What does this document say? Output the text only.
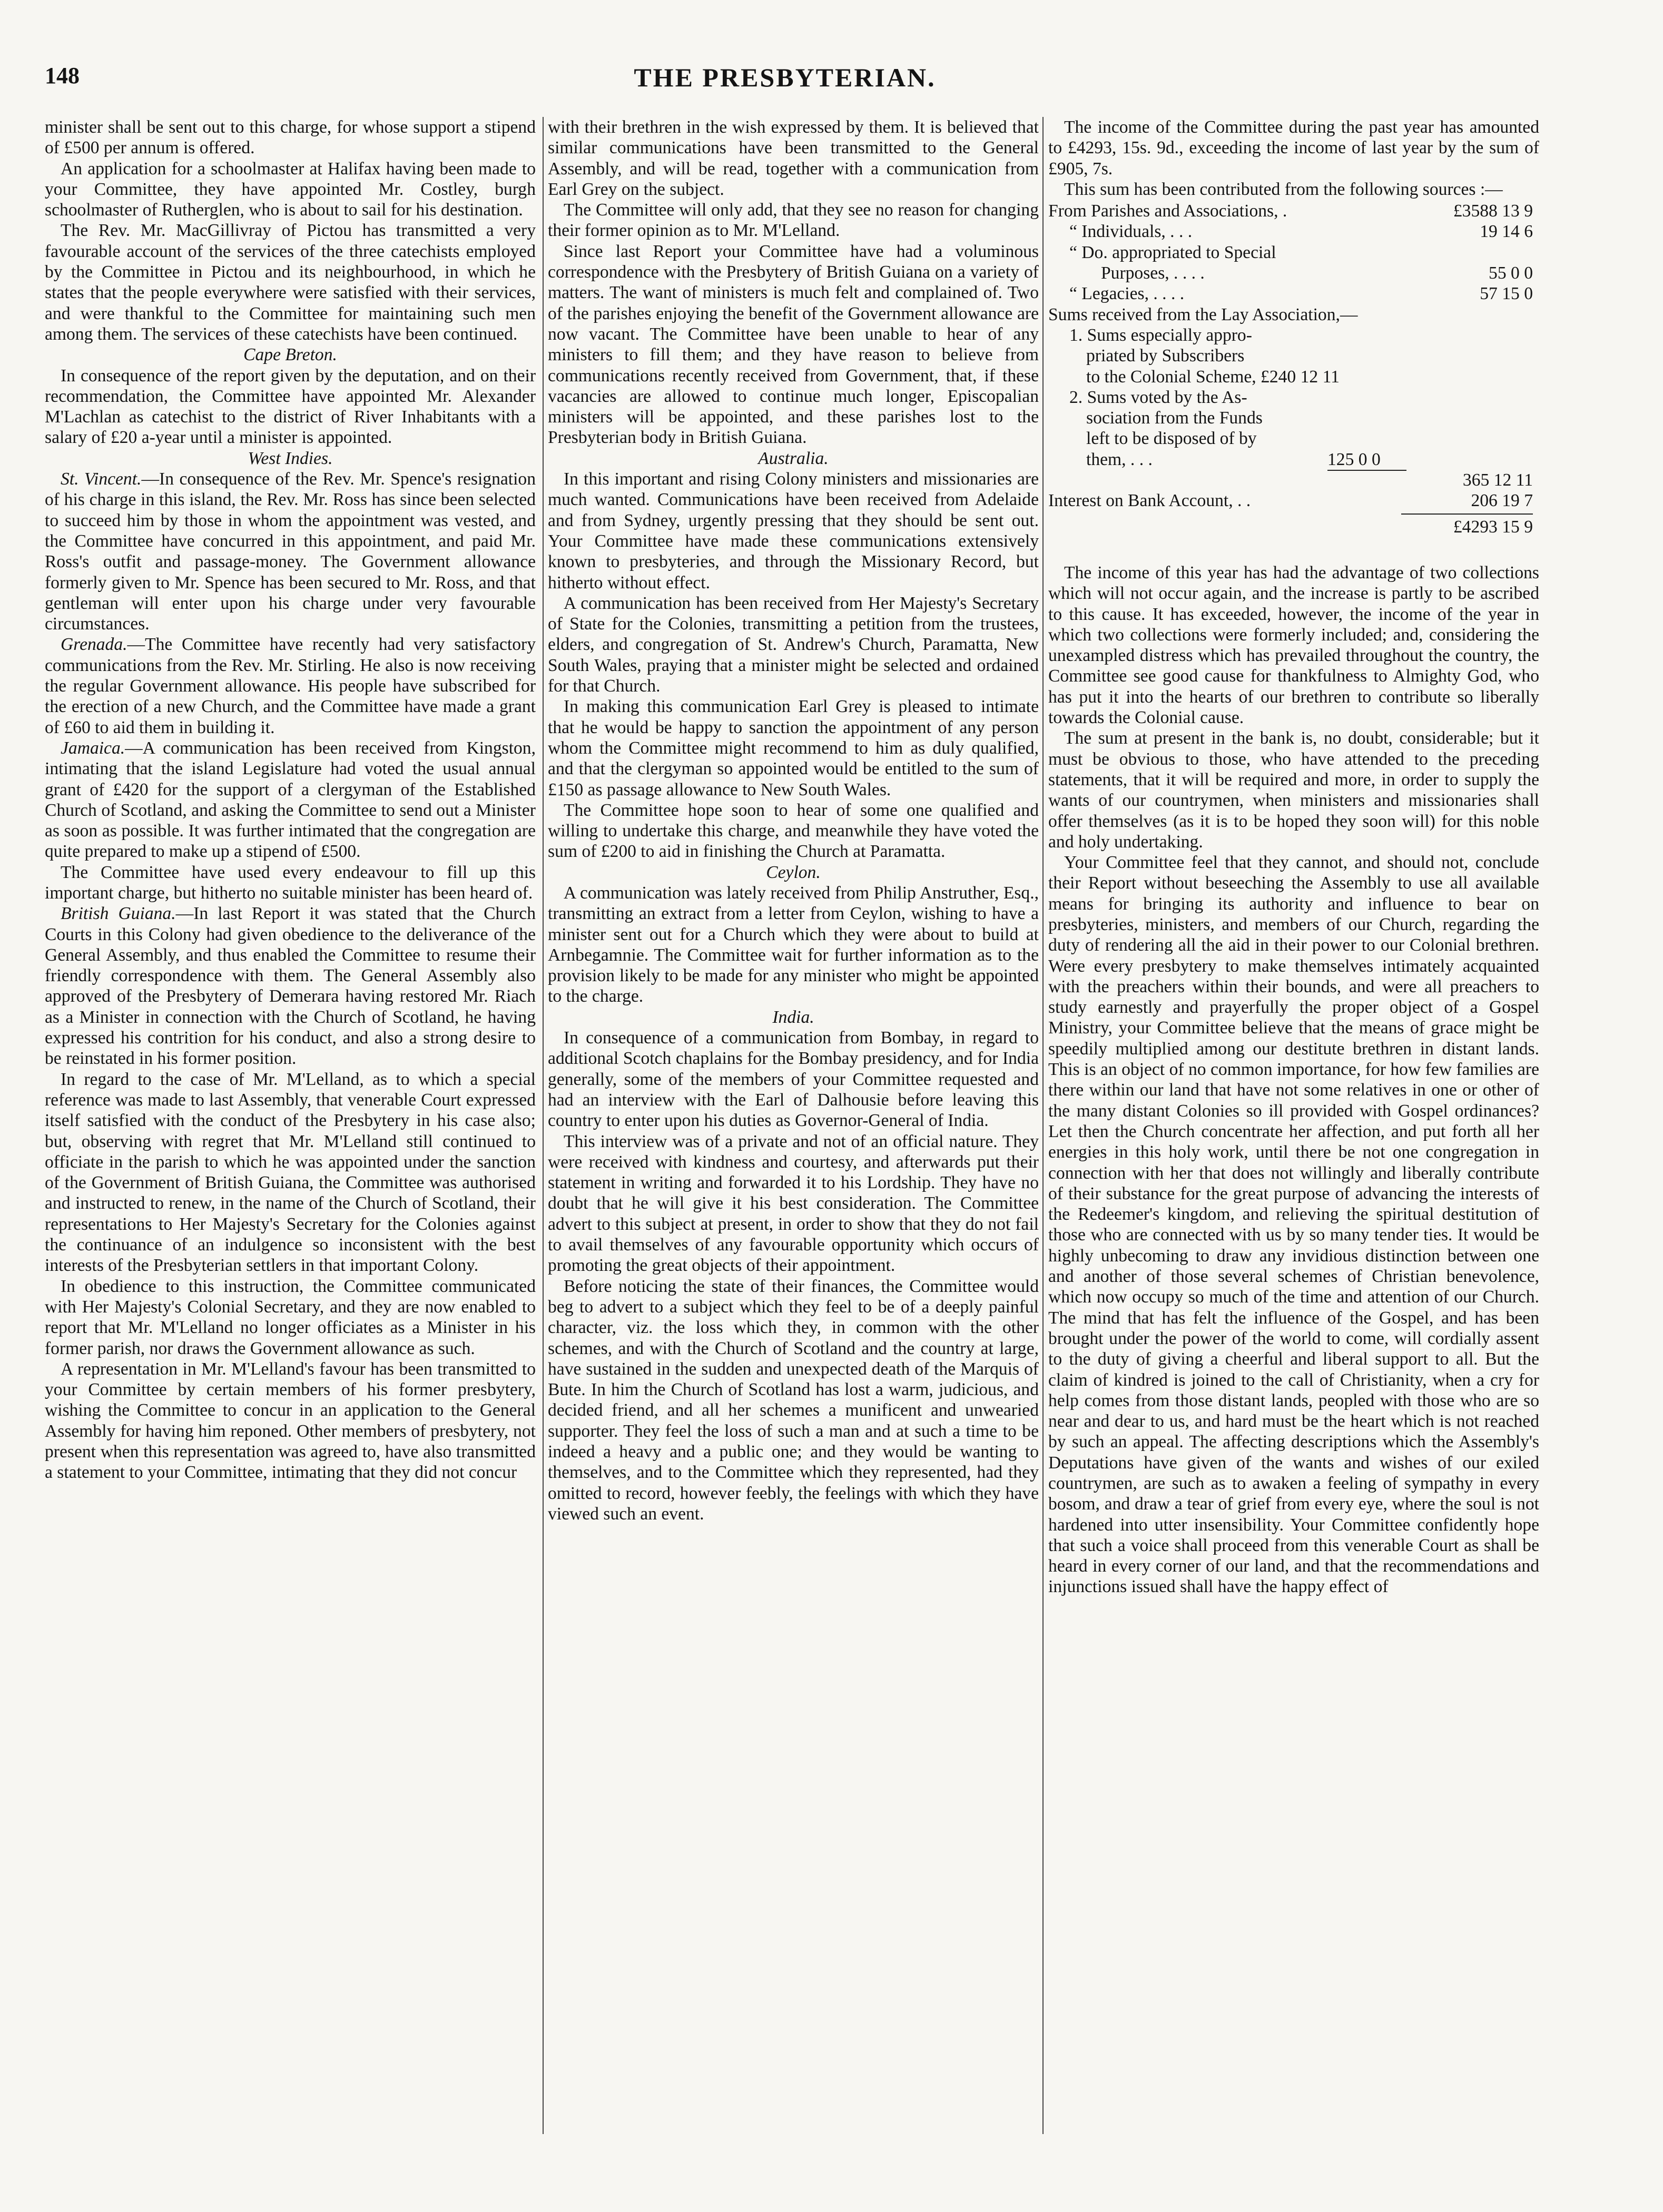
148	THE PRESBYTERIAN.

minister shall be sent out to this charge, for whose support a stipend of £500 per annum is offered.

An application for a schoolmaster at Halifax having been made to your Committee, they have appointed Mr. Costley, burgh schoolmaster of Rutherglen, who is about to sail for his destination.

The Rev. Mr. MacGillivray of Pictou has transmitted a very favourable account of the services of the three catechists employed by the Committee in Pictou and its neighbourhood, in which he states that the people everywhere were satisfied with their services, and were thankful to the Committee for maintaining such men among them. The services of these catechists have been continued.

Cape Breton.

In consequence of the report given by the deputation, and on their recommendation, the Committee have appointed Mr. Alexander M'Lachlan as catechist to the district of River Inhabitants with a salary of £20 a-year until a minister is appointed.

West Indies.

St. Vincent.—In consequence of the Rev. Mr. Spence's resignation of his charge in this island, the Rev. Mr. Ross has since been selected to succeed him by those in whom the appointment was vested, and the Committee have concurred in this appointment, and paid Mr. Ross's outfit and passage-money. The Government allowance formerly given to Mr. Spence has been secured to Mr. Ross, and that gentleman will enter upon his charge under very favourable circumstances.

Grenada.—The Committee have recently had very satisfactory communications from the Rev. Mr. Stirling. He also is now receiving the regular Government allowance. His people have subscribed for the erection of a new Church, and the Committee have made a grant of £60 to aid them in building it.

Jamaica.—A communication has been received from Kingston, intimating that the island Legislature had voted the usual annual grant of £420 for the support of a clergyman of the Established Church of Scotland, and asking the Committee to send out a Minister as soon as possible. It was further intimated that the congregation are quite prepared to make up a stipend of £500.

The Committee have used every endeavour to fill up this important charge, but hitherto no suitable minister has been heard of.

British Guiana.—In last Report it was stated that the Church Courts in this Colony had given obedience to the deliverance of the General Assembly, and thus enabled the Committee to resume their friendly correspondence with them. The General Assembly also approved of the Presbytery of Demerara having restored Mr. Riach as a Minister in connection with the Church of Scotland, he having expressed his contrition for his conduct, and also a strong desire to be reinstated in his former position.

In regard to the case of Mr. M'Lelland, as to which a special reference was made to last Assembly, that venerable Court expressed itself satisfied with the conduct of the Presbytery in his case also; but, observing with regret that Mr. M'Lelland still continued to officiate in the parish to which he was appointed under the sanction of the Government of British Guiana, the Committee was authorised and instructed to renew, in the name of the Church of Scotland, their representations to Her Majesty's Secretary for the Colonies against the continuance of an indulgence so inconsistent with the best interests of the Presbyterian settlers in that important Colony.

In obedience to this instruction, the Committee communicated with Her Majesty's Colonial Secretary, and they are now enabled to report that Mr. M'Lelland no longer officiates as a Minister in his former parish, nor draws the Government allowance as such.

A representation in Mr. M'Lelland's favour has been transmitted to your Committee by certain members of his former presbytery, wishing the Committee to concur in an application to the General Assembly for having him reponed. Other members of presbytery, not present when this representation was agreed to, have also transmitted a statement to your Committee, intimating that they did not concur

with their brethren in the wish expressed by them. It is believed that similar communications have been transmitted to the General Assembly, and will be read, together with a communication from Earl Grey on the subject.

The Committee will only add, that they see no reason for changing their former opinion as to Mr. M'Lelland.

Since last Report your Committee have had a voluminous correspondence with the Presbytery of British Guiana on a variety of matters. The want of ministers is much felt and complained of. Two of the parishes enjoying the benefit of the Government allowance are now vacant. The Committee have been unable to hear of any ministers to fill them; and they have reason to believe from communications recently received from Government, that, if these vacancies are allowed to continue much longer, Episcopalian ministers will be appointed, and these parishes lost to the Presbyterian body in British Guiana.

Australia.

In this important and rising Colony ministers and missionaries are much wanted. Communications have been received from Adelaide and from Sydney, urgently pressing that they should be sent out. Your Committee have made these communications extensively known to presbyteries, and through the Missionary Record, but hitherto without effect.

A communication has been received from Her Majesty's Secretary of State for the Colonies, transmitting a petition from the trustees, elders, and congregation of St. Andrew's Church, Paramatta, New South Wales, praying that a minister might be selected and ordained for that Church.

In making this communication Earl Grey is pleased to intimate that he would be happy to sanction the appointment of any person whom the Committee might recommend to him as duly qualified, and that the clergyman so appointed would be entitled to the sum of £150 as passage allowance to New South Wales.

The Committee hope soon to hear of some one qualified and willing to undertake this charge, and meanwhile they have voted the sum of £200 to aid in finishing the Church at Paramatta.

Ceylon.

A communication was lately received from Philip Anstruther, Esq., transmitting an extract from a letter from Ceylon, wishing to have a minister sent out for a Church which they were about to build at Arnbegamnie. The Committee wait for further information as to the provision likely to be made for any minister who might be appointed to the charge.

India.

In consequence of a communication from Bombay, in regard to additional Scotch chaplains for the Bombay presidency, and for India generally, some of the members of your Committee requested and had an interview with the Earl of Dalhousie before leaving this country to enter upon his duties as Governor-General of India.

This interview was of a private and not of an official nature. They were received with kindness and courtesy, and afterwards put their statement in writing and forwarded it to his Lordship. They have no doubt that he will give it his best consideration. The Committee advert to this subject at present, in order to show that they do not fail to avail themselves of any favourable opportunity which occurs of promoting the great objects of their appointment.

Before noticing the state of their finances, the Committee would beg to advert to a subject which they feel to be of a deeply painful character, viz. the loss which they, in common with the other schemes, and with the Church of Scotland and the country at large, have sustained in the sudden and unexpected death of the Marquis of Bute. In him the Church of Scotland has lost a warm, judicious, and decided friend, and all her schemes a munificent and unwearied supporter. They feel the loss of such a man and at such a time to be indeed a heavy and a public one; and they would be wanting to themselves, and to the Committee which they represented, had they omitted to record, however feebly, the feelings with which they have viewed such an event.

The income of the Committee during the past year has amounted to £4293, 15s. 9d., exceeding the income of last year by the sum of £905, 7s.

This sum has been contributed from the following sources :—

From Parishes and Associations, .	£3588 13 9
“ Individuals, . . .	19 14 6
“ Do. appropriated to Special
Purposes, . . . .	55 0 0
“ Legacies, . . . .	57 15 0
Sums received from the Lay Association,—
1. Sums especially appro-
priated by Subscribers
to the Colonial Scheme, £240 12 11
2. Sums voted by the As-
sociation from the Funds
left to be disposed of by
them, . . .	125 0 0
365 12 11
Interest on Bank Account, . .	206 19 7
£4293 15 9

The income of this year has had the advantage of two collections which will not occur again, and the increase is partly to be ascribed to this cause. It has exceeded, however, the income of the year in which two collections were formerly included; and, considering the unexampled distress which has prevailed throughout the country, the Committee see good cause for thankfulness to Almighty God, who has put it into the hearts of our brethren to contribute so liberally towards the Colonial cause.

The sum at present in the bank is, no doubt, considerable; but it must be obvious to those, who have attended to the preceding statements, that it will be required and more, in order to supply the wants of our countrymen, when ministers and missionaries shall offer themselves (as it is to be hoped they soon will) for this noble and holy undertaking.

Your Committee feel that they cannot, and should not, conclude their Report without beseeching the Assembly to use all available means for bringing its authority and influence to bear on presbyteries, ministers, and members of our Church, regarding the duty of rendering all the aid in their power to our Colonial brethren. Were every presbytery to make themselves intimately acquainted with the preachers within their bounds, and were all preachers to study earnestly and prayerfully the proper object of a Gospel Ministry, your Committee believe that the means of grace might be speedily multiplied among our destitute brethren in distant lands. This is an object of no common importance, for how few families are there within our land that have not some relatives in one or other of the many distant Colonies so ill provided with Gospel ordinances? Let then the Church concentrate her affection, and put forth all her energies in this holy work, until there be not one congregation in connection with her that does not willingly and liberally contribute of their substance for the great purpose of advancing the interests of the Redeemer's kingdom, and relieving the spiritual destitution of those who are connected with us by so many tender ties. It would be highly unbecoming to draw any invidious distinction between one and another of those several schemes of Christian benevolence, which now occupy so much of the time and attention of our Church. The mind that has felt the influence of the Gospel, and has been brought under the power of the world to come, will cordially assent to the duty of giving a cheerful and liberal support to all. But the claim of kindred is joined to the call of Christianity, when a cry for help comes from those distant lands, peopled with those who are so near and dear to us, and hard must be the heart which is not reached by such an appeal. The affecting descriptions which the Assembly's Deputations have given of the wants and wishes of our exiled countrymen, are such as to awaken a feeling of sympathy in every bosom, and draw a tear of grief from every eye, where the soul is not hardened into utter insensibility. Your Committee confidently hope that such a voice shall proceed from this venerable Court as shall be heard in every corner of our land, and that the recommendations and injunctions issued shall have the happy effect of
